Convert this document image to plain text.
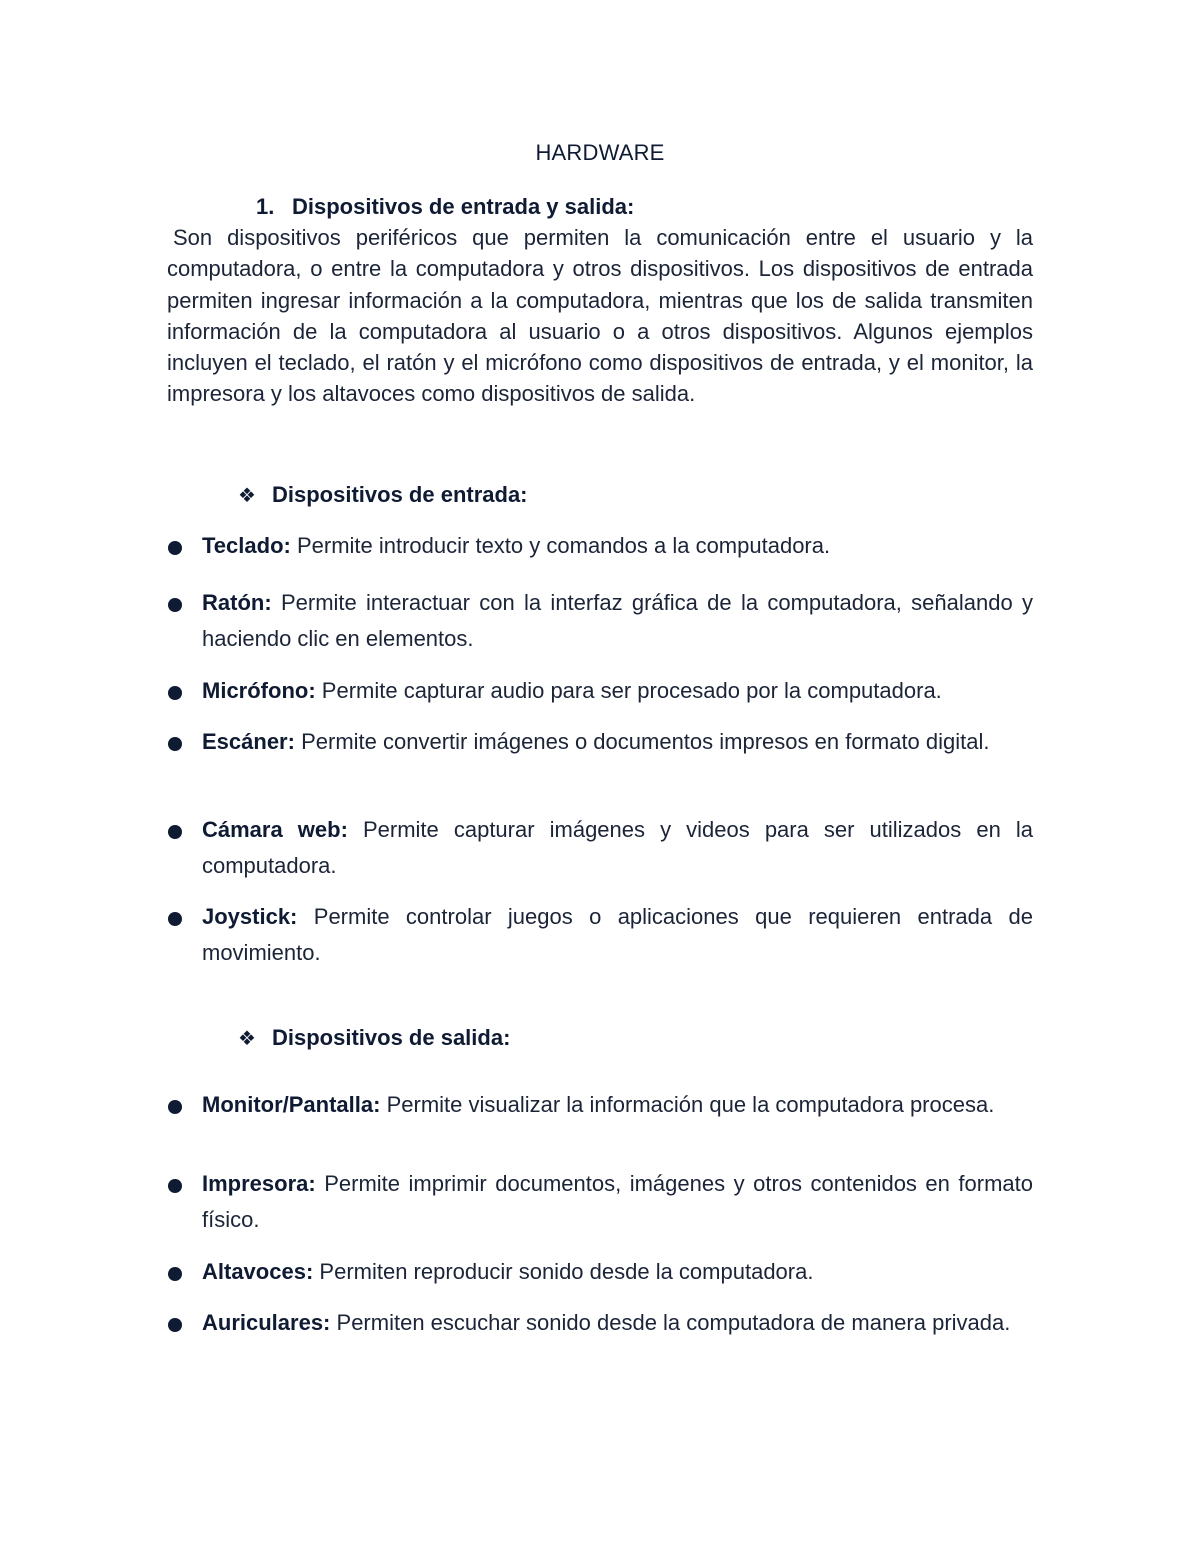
HARDWARE
1. Dispositivos de entrada y salida:
Son dispositivos periféricos que permiten la comunicación entre el usuario y la computadora, o entre la computadora y otros dispositivos. Los dispositivos de entrada permiten ingresar información a la computadora, mientras que los de salida transmiten información de la computadora al usuario o a otros dispositivos. Algunos ejemplos incluyen el teclado, el ratón y el micrófono como dispositivos de entrada, y el monitor, la impresora y los altavoces como dispositivos de salida.
❖ Dispositivos de entrada:
Teclado: Permite introducir texto y comandos a la computadora.
Ratón: Permite interactuar con la interfaz gráfica de la computadora, señalando y haciendo clic en elementos.
Micrófono: Permite capturar audio para ser procesado por la computadora.
Escáner: Permite convertir imágenes o documentos impresos en formato digital.
Cámara web: Permite capturar imágenes y videos para ser utilizados en la computadora.
Joystick: Permite controlar juegos o aplicaciones que requieren entrada de movimiento.
❖ Dispositivos de salida:
Monitor/Pantalla: Permite visualizar la información que la computadora procesa.
Impresora: Permite imprimir documentos, imágenes y otros contenidos en formato físico.
Altavoces: Permiten reproducir sonido desde la computadora.
Auriculares: Permiten escuchar sonido desde la computadora de manera privada.
